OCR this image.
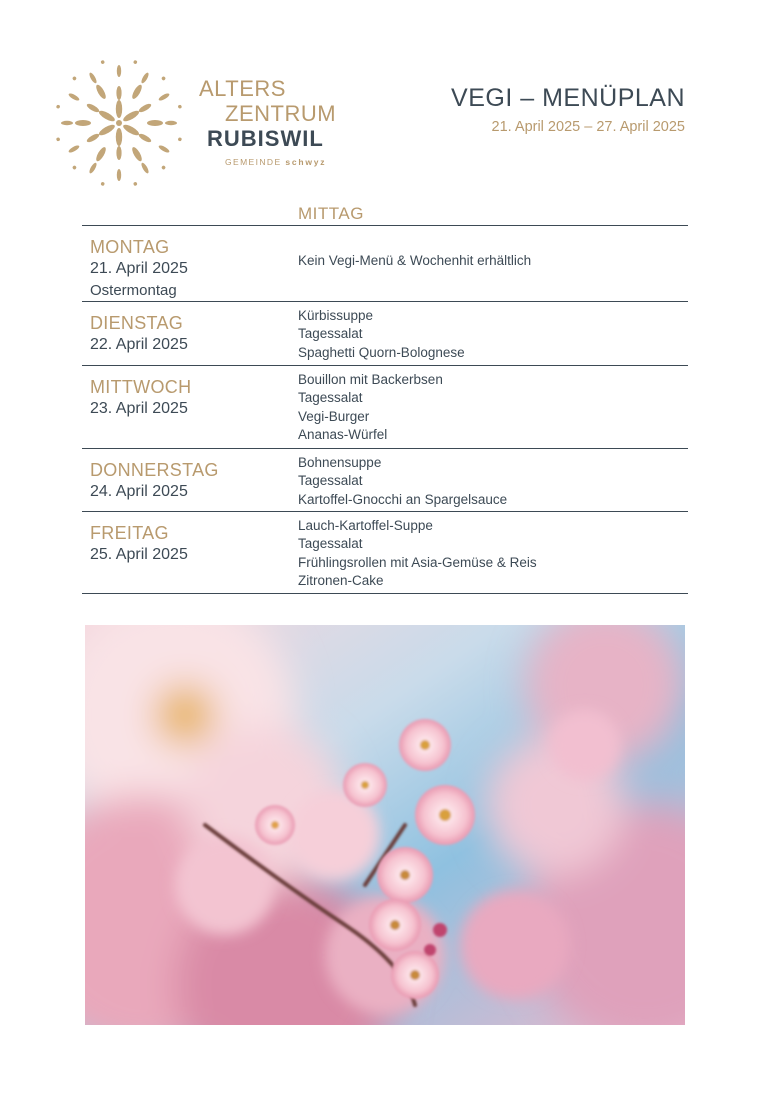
ALTERS
ZENTRUM
RUBISWIL
GEMEINDE schwyz
VEGI – MENÜPLAN
21. April 2025 – 27. April 2025
MITTAG
MONTAG
21. April 2025
Ostermontag
Kein Vegi-Menü & Wochenhit erhältlich
DIENSTAG
22. April 2025
Kürbissuppe
Tagessalat
Spaghetti Quorn-Bolognese
MITTWOCH
23. April 2025
Bouillon mit Backerbsen
Tagessalat
Vegi-Burger
Ananas-Würfel
DONNERSTAG
24. April 2025
Bohnensuppe
Tagessalat
Kartoffel-Gnocchi an Spargelsauce
FREITAG
25. April 2025
Lauch-Kartoffel-Suppe
Tagessalat
Frühlingsrollen mit Asia-Gemüse & Reis
Zitronen-Cake
